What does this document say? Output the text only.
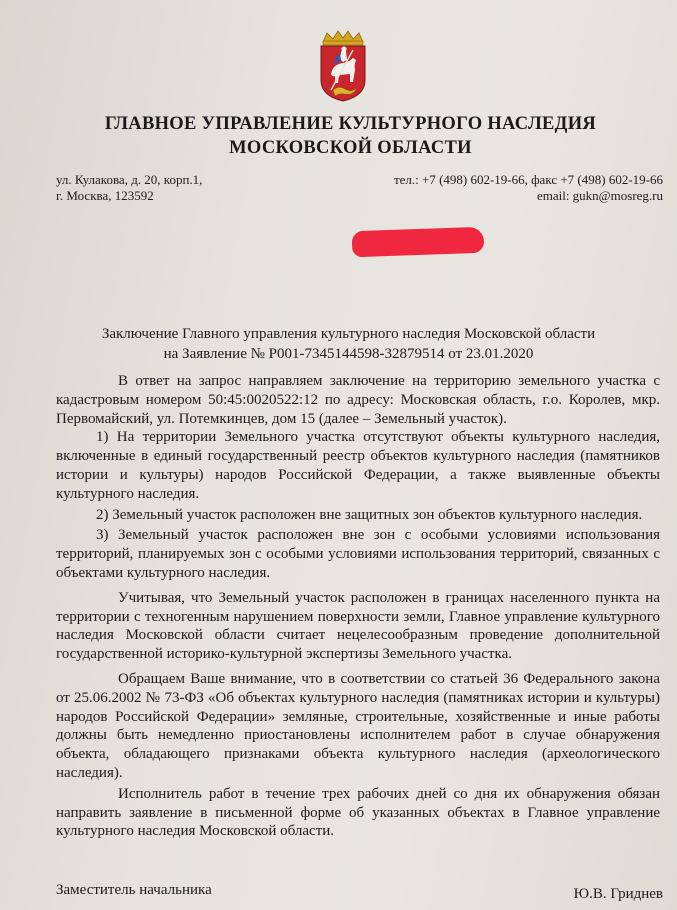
ГЛАВНОЕ УПРАВЛЕНИЕ КУЛЬТУРНОГО НАСЛЕДИЯ
МОСКОВСКОЙ ОБЛАСТИ
ул. Кулакова, д. 20, корп.1,
г. Москва, 123592
тел.: +7 (498) 602-19-66, факс +7 (498) 602-19-66
email: gukn@mosreg.ru
Заключение Главного управления культурного наследия Московской области
на Заявление № P001-7345144598-32879514 от 23.01.2020

В ответ на запрос направляем заключение на территорию земельного участка с кадастровым номером 50:45:0020522:12 по адресу: Московская область, г.о. Королев, мкр. Первомайский, ул. Потемкинцев, дом 15 (далее – Земельный участок).

1) На территории Земельного участка отсутствуют объекты культурного наследия, включенные в единый государственный реестр объектов культурного наследия (памятников истории и культуры) народов Российской Федерации, а также выявленные объекты культурного наследия.

2) Земельный участок расположен вне защитных зон объектов культурного наследия.

3) Земельный участок расположен вне зон с особыми условиями использования территорий, планируемых зон с особыми условиями использования территорий, связанных с объектами культурного наследия.

Учитывая, что Земельный участок расположен в границах населенного пункта на территории с техногенным нарушением поверхности земли, Главное управление культурного наследия Московской области считает нецелесообразным проведение дополнительной государственной историко-культурной экспертизы Земельного участка.

Обращаем Ваше внимание, что в соответствии со статьей 36 Федерального закона от 25.06.2002 № 73-ФЗ «Об объектах культурного наследия (памятниках истории и культуры) народов Российской Федерации» земляные, строительные, хозяйственные и иные работы должны быть немедленно приостановлены исполнителем работ в случае обнаружения объекта, обладающего признаками объекта культурного наследия (археологического наследия).

Исполнитель работ в течение трех рабочих дней со дня их обнаружения обязан направить заявление в письменной форме об указанных объектах в Главное управление культурного наследия Московской области.

Заместитель начальника	Ю.В. Гриднев
